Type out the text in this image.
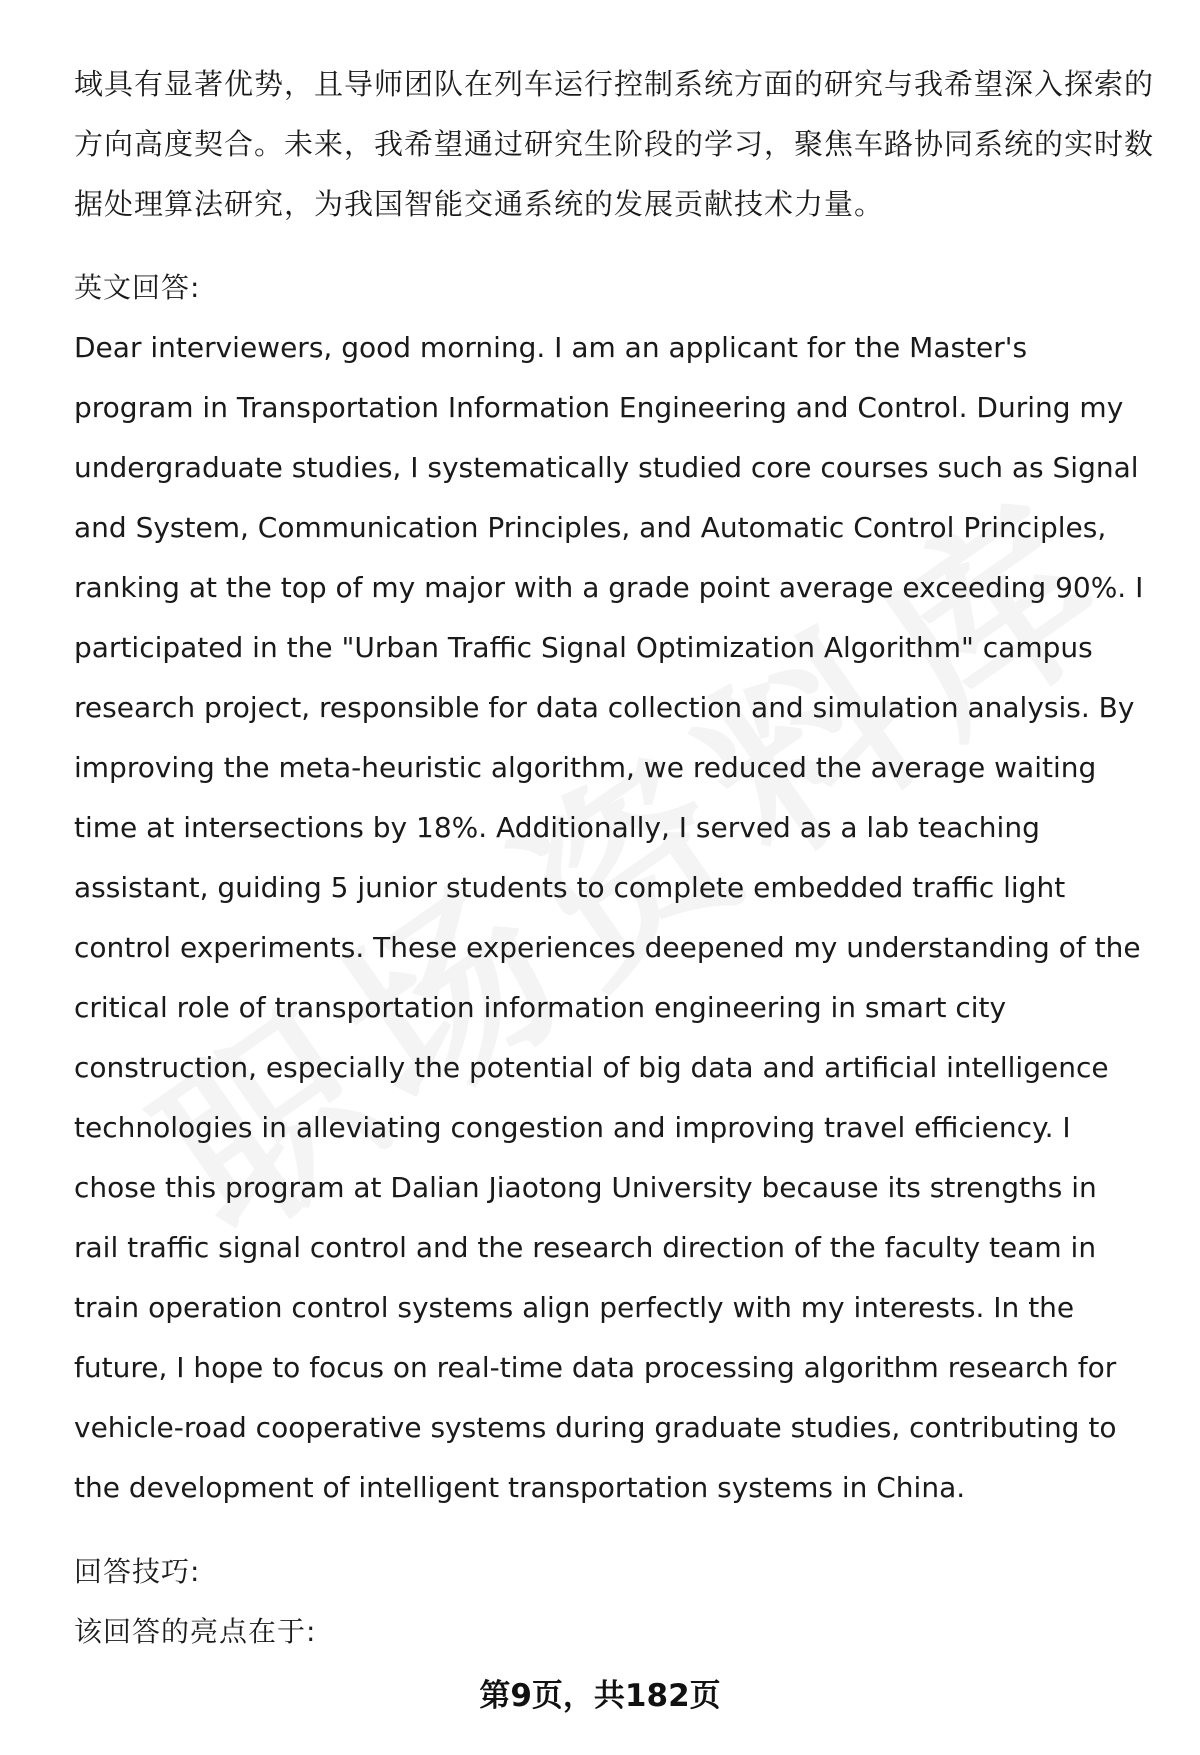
域具有显著优势，且导师团队在列车运行控制系统方面的研究与我希望深入探索的
方向高度契合。未来，我希望通过研究生阶段的学习，聚焦车路协同系统的实时数
据处理算法研究，为我国智能交通系统的发展贡献技术力量。
英文回答:
Dear interviewers, good morning. I am an applicant for the Master's
program in Transportation Information Engineering and Control. During my
undergraduate studies, I systematically studied core courses such as Signal
and System, Communication Principles, and Automatic Control Principles,
ranking at the top of my major with a grade point average exceeding 90%. I
participated in the "Urban Traffic Signal Optimization Algorithm" campus
research project, responsible for data collection and simulation analysis. By
improving the meta-heuristic algorithm, we reduced the average waiting
time at intersections by 18%. Additionally, I served as a lab teaching
assistant, guiding 5 junior students to complete embedded traffic light
control experiments. These experiences deepened my understanding of the
critical role of transportation information engineering in smart city
construction, especially the potential of big data and artificial intelligence
technologies in alleviating congestion and improving travel efficiency. I
chose this program at Dalian Jiaotong University because its strengths in
rail traffic signal control and the research direction of the faculty team in
train operation control systems align perfectly with my interests. In the
future, I hope to focus on real-time data processing algorithm research for
vehicle-road cooperative systems during graduate studies, contributing to
the development of intelligent transportation systems in China.
回答技巧:
该回答的亮点在于:
第9页，共182页
